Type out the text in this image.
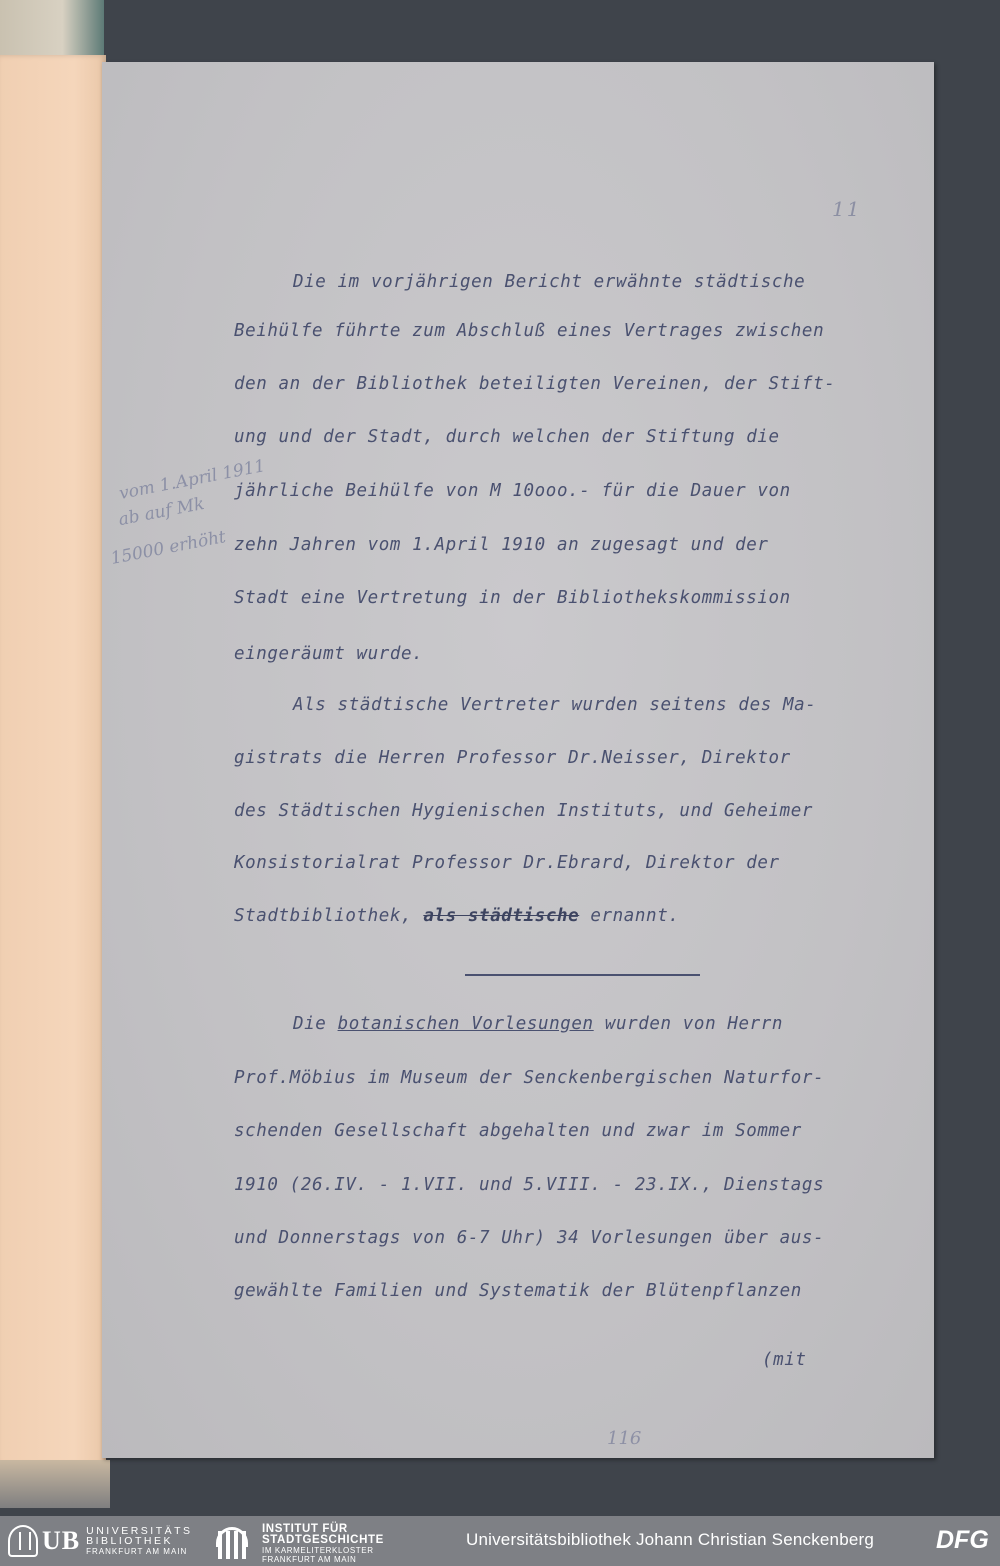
11
vom 1.April 1911
ab auf Mk
15000 erhöht
Die im vorjährigen Bericht erwähnte städtische
Beihülfe führte zum Abschluß eines Vertrages zwischen
den an der Bibliothek beteiligten Vereinen, der Stift-
ung und der Stadt, durch welchen der Stiftung die
jährliche Beihülfe von M 10ooo.- für die Dauer von
zehn Jahren vom 1.April 1910 an zugesagt und der
Stadt eine Vertretung in der Bibliothekskommission
eingeräumt wurde.
Als städtische Vertreter wurden seitens des Ma-
gistrats die Herren Professor Dr.Neisser, Direktor
des Städtischen Hygienischen Instituts, und Geheimer
Konsistorialrat Professor Dr.Ebrard, Direktor der
Stadtbibliothek, als städtische ernannt.
Die botanischen Vorlesungen wurden von Herrn
Prof.Möbius im Museum der Senckenbergischen Naturfor-
schenden Gesellschaft abgehalten und zwar im Sommer
1910 (26.IV. - 1.VII. und 5.VIII. - 23.IX., Dienstags
und Donnerstags von 6-7 Uhr) 34 Vorlesungen über aus-
gewählte Familien und Systematik der Blütenpflanzen
(mit
116
UB UNIVERSITÄTS
BIBLIOTHEK
FRANKFURT AM MAIN
INSTITUT FÜR
STADTGESCHICHTE
IM KARMELITERKLOSTER
FRANKFURT AM MAIN
Universitätsbibliothek Johann Christian Senckenberg DFG
